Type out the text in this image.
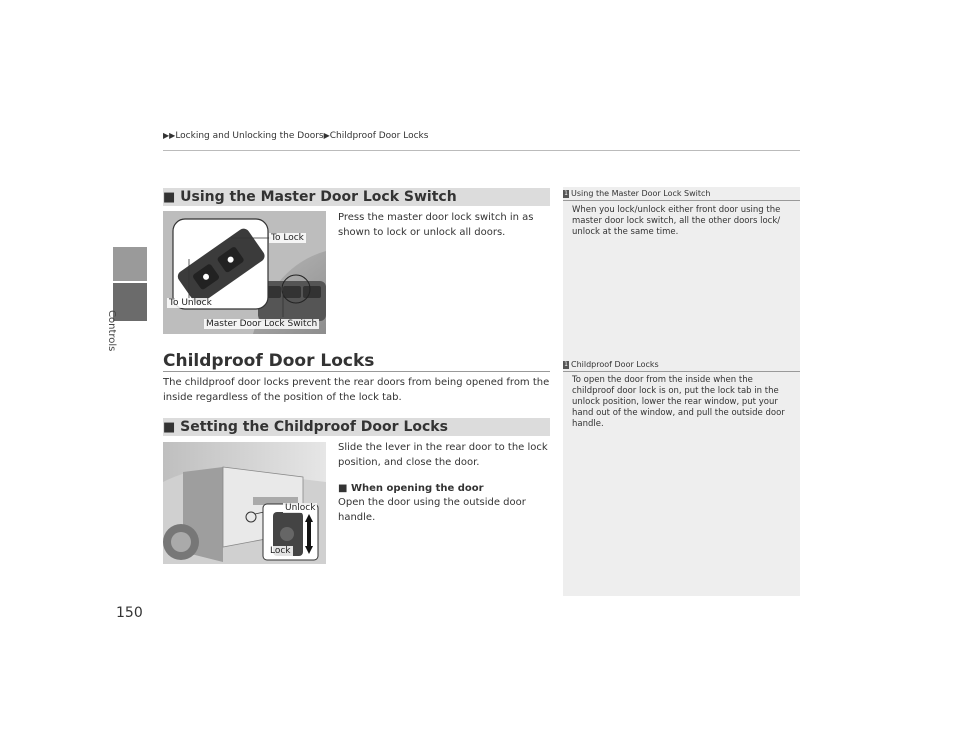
Controls
▶▶Locking and Unlocking the Doors▶Childproof Door Locks
■ Using the Master Door Lock Switch
To Lock
To Unlock
Master Door Lock Switch
Press the master door lock switch in as shown to lock or unlock all doors.
Childproof Door Locks
The childproof door locks prevent the rear doors from being opened from the inside regardless of the position of the lock tab.
■ Setting the Childproof Door Locks
Unlock
Lock
Slide the lever in the rear door to the lock position, and close the door.
■ When opening the door
Open the door using the outside door handle.
1 Using the Master Door Lock Switch
When you lock/unlock either front door using the master door lock switch, all the other doors lock/ unlock at the same time.
1 Childproof Door Locks
To open the door from the inside when the childproof door lock is on, put the lock tab in the unlock position, lower the rear window, put your hand out of the window, and pull the outside door handle.
150
